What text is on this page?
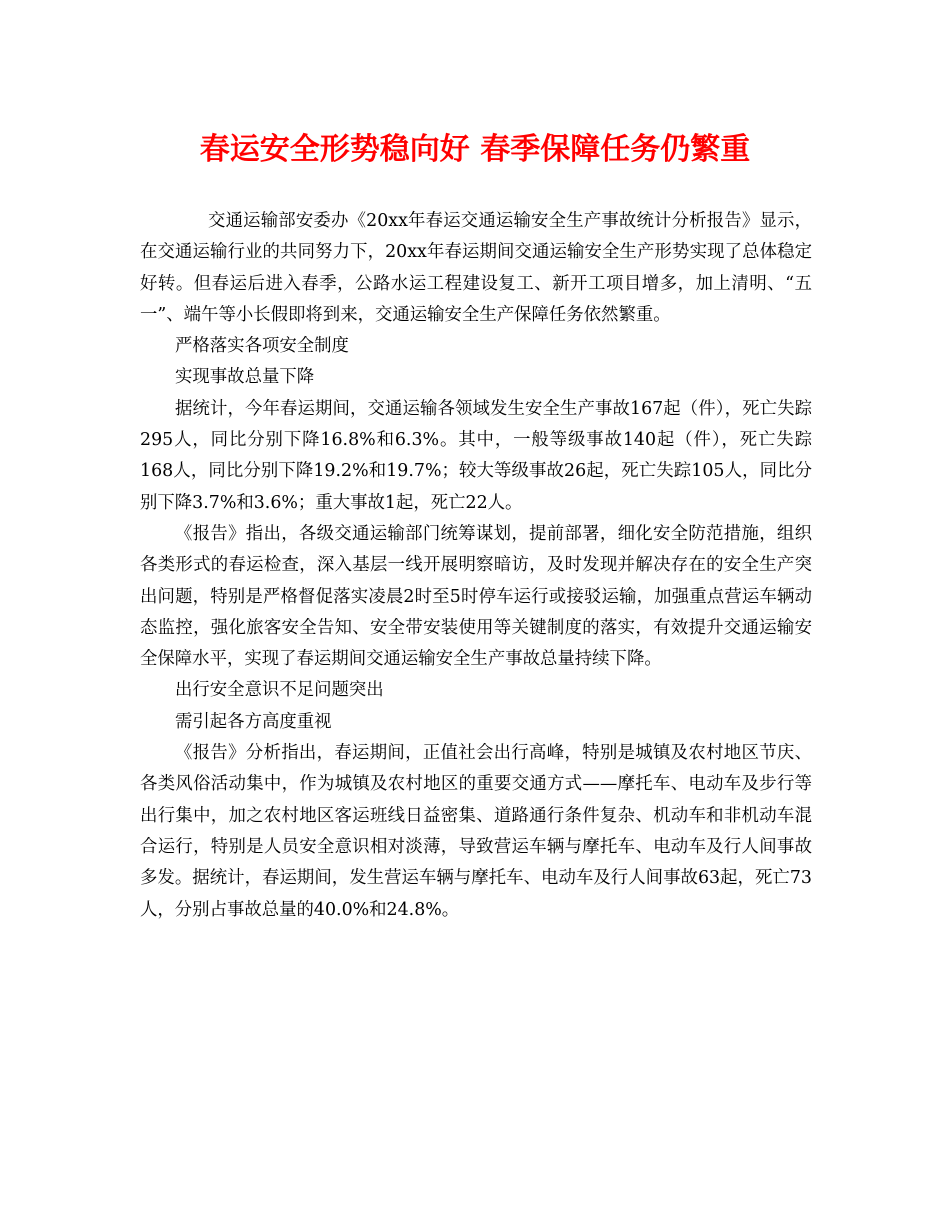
春运安全形势稳向好 春季保障任务仍繁重

交通运输部安委办《20xx年春运交通运输安全生产事故统计分析报告》显示，在交通运输行业的共同努力下，20xx年春运期间交通运输安全生产形势实现了总体稳定好转。但春运后进入春季，公路水运工程建设复工、新开工项目增多，加上清明、“五一”、端午等小长假即将到来，交通运输安全生产保障任务依然繁重。

严格落实各项安全制度

实现事故总量下降

据统计，今年春运期间，交通运输各领域发生安全生产事故167起（件），死亡失踪295人，同比分别下降16.8%和6.3%。其中，一般等级事故140起（件），死亡失踪168人，同比分别下降19.2%和19.7%；较大等级事故26起，死亡失踪105人，同比分别下降3.7%和3.6%；重大事故1起，死亡22人。

《报告》指出，各级交通运输部门统筹谋划，提前部署，细化安全防范措施，组织各类形式的春运检查，深入基层一线开展明察暗访，及时发现并解决存在的安全生产突出问题，特别是严格督促落实凌晨2时至5时停车运行或接驳运输，加强重点营运车辆动态监控，强化旅客安全告知、安全带安装使用等关键制度的落实，有效提升交通运输安全保障水平，实现了春运期间交通运输安全生产事故总量持续下降。

出行安全意识不足问题突出

需引起各方高度重视

《报告》分析指出，春运期间，正值社会出行高峰，特别是城镇及农村地区节庆、各类风俗活动集中，作为城镇及农村地区的重要交通方式——摩托车、电动车及步行等出行集中，加之农村地区客运班线日益密集、道路通行条件复杂、机动车和非机动车混合运行，特别是人员安全意识相对淡薄，导致营运车辆与摩托车、电动车及行人间事故多发。据统计，春运期间，发生营运车辆与摩托车、电动车及行人间事故63起，死亡73人，分别占事故总量的40.0%和24.8%。
